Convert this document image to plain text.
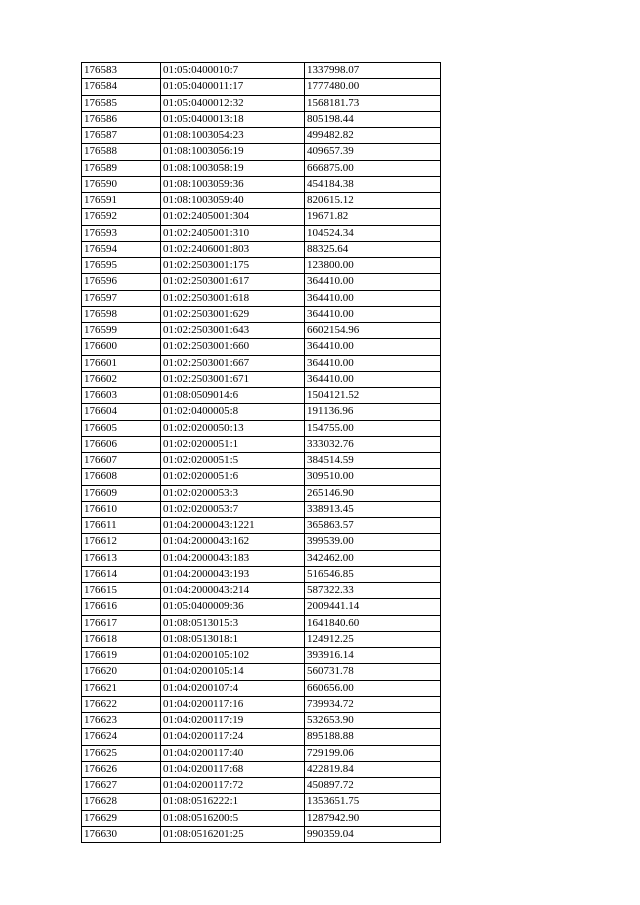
176583	01:05:0400010:7	1337998.07
176584	01:05:0400011:17	1777480.00
176585	01:05:0400012:32	1568181.73
176586	01:05:0400013:18	805198.44
176587	01:08:1003054:23	499482.82
176588	01:08:1003056:19	409657.39
176589	01:08:1003058:19	666875.00
176590	01:08:1003059:36	454184.38
176591	01:08:1003059:40	820615.12
176592	01:02:2405001:304	19671.82
176593	01:02:2405001:310	104524.34
176594	01:02:2406001:803	88325.64
176595	01:02:2503001:175	123800.00
176596	01:02:2503001:617	364410.00
176597	01:02:2503001:618	364410.00
176598	01:02:2503001:629	364410.00
176599	01:02:2503001:643	6602154.96
176600	01:02:2503001:660	364410.00
176601	01:02:2503001:667	364410.00
176602	01:02:2503001:671	364410.00
176603	01:08:0509014:6	1504121.52
176604	01:02:0400005:8	191136.96
176605	01:02:0200050:13	154755.00
176606	01:02:0200051:1	333032.76
176607	01:02:0200051:5	384514.59
176608	01:02:0200051:6	309510.00
176609	01:02:0200053:3	265146.90
176610	01:02:0200053:7	338913.45
176611	01:04:2000043:1221	365863.57
176612	01:04:2000043:162	399539.00
176613	01:04:2000043:183	342462.00
176614	01:04:2000043:193	516546.85
176615	01:04:2000043:214	587322.33
176616	01:05:0400009:36	2009441.14
176617	01:08:0513015:3	1641840.60
176618	01:08:0513018:1	124912.25
176619	01:04:0200105:102	393916.14
176620	01:04:0200105:14	560731.78
176621	01:04:0200107:4	660656.00
176622	01:04:0200117:16	739934.72
176623	01:04:0200117:19	532653.90
176624	01:04:0200117:24	895188.88
176625	01:04:0200117:40	729199.06
176626	01:04:0200117:68	422819.84
176627	01:04:0200117:72	450897.72
176628	01:08:0516222:1	1353651.75
176629	01:08:0516200:5	1287942.90
176630	01:08:0516201:25	990359.04
